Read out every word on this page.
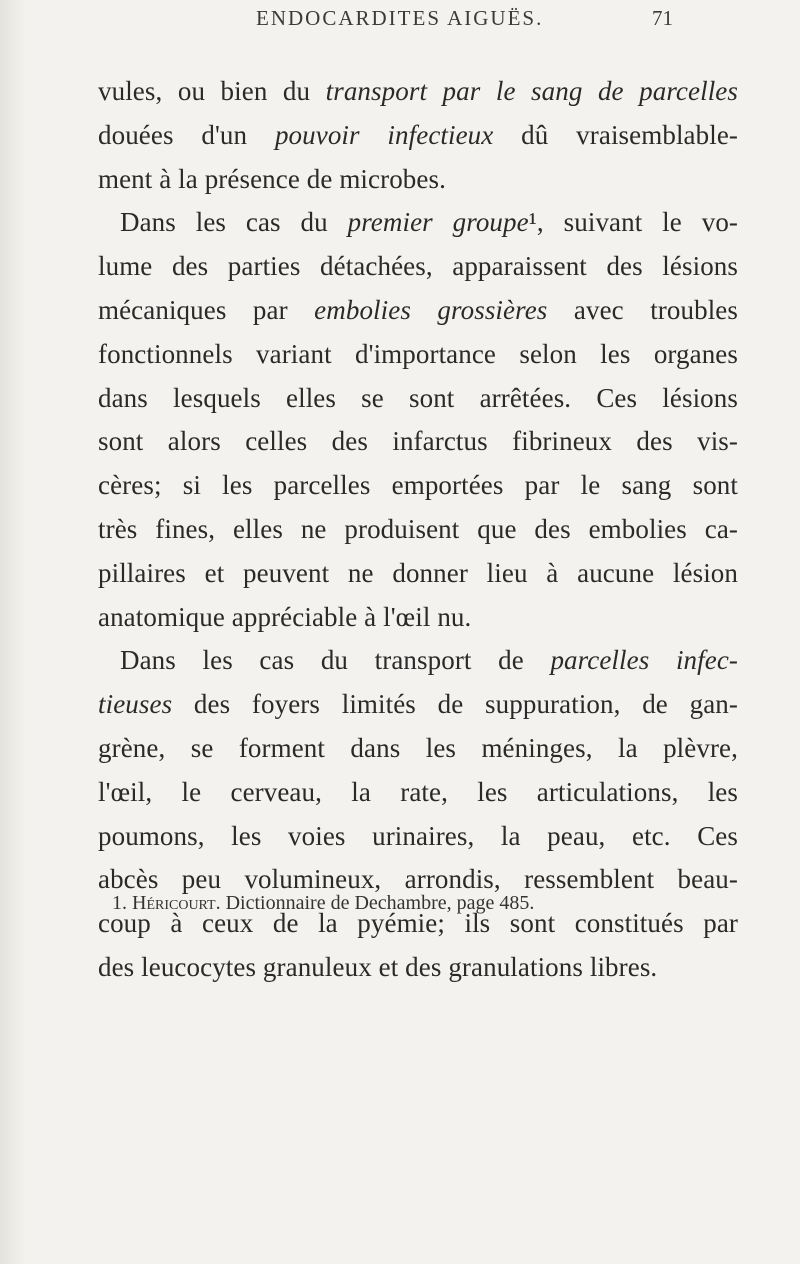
ENDOCARDITES AIGUËS.	71
vules, ou bien du transport par le sang de parcelles
douées d'un pouvoir infectieux dû vraisemblable-
ment à la présence de microbes.
Dans les cas du premier groupe¹, suivant le vo-
lume des parties détachées, apparaissent des lésions
mécaniques par embolies grossières avec troubles
fonctionnels variant d'importance selon les organes
dans lesquels elles se sont arrêtées. Ces lésions
sont alors celles des infarctus fibrineux des vis-
cères; si les parcelles emportées par le sang sont
très fines, elles ne produisent que des embolies ca-
pillaires et peuvent ne donner lieu à aucune lésion
anatomique appréciable à l'œil nu.
Dans les cas du transport de parcelles infec-
tieuses des foyers limités de suppuration, de gan-
grène, se forment dans les méninges, la plèvre,
l'œil, le cerveau, la rate, les articulations, les
poumons, les voies urinaires, la peau, etc. Ces
abcès peu volumineux, arrondis, ressemblent beau-
coup à ceux de la pyémie; ils sont constitués par
des leucocytes granuleux et des granulations libres.
1. Héricourt. Dictionnaire de Dechambre, page 485.
